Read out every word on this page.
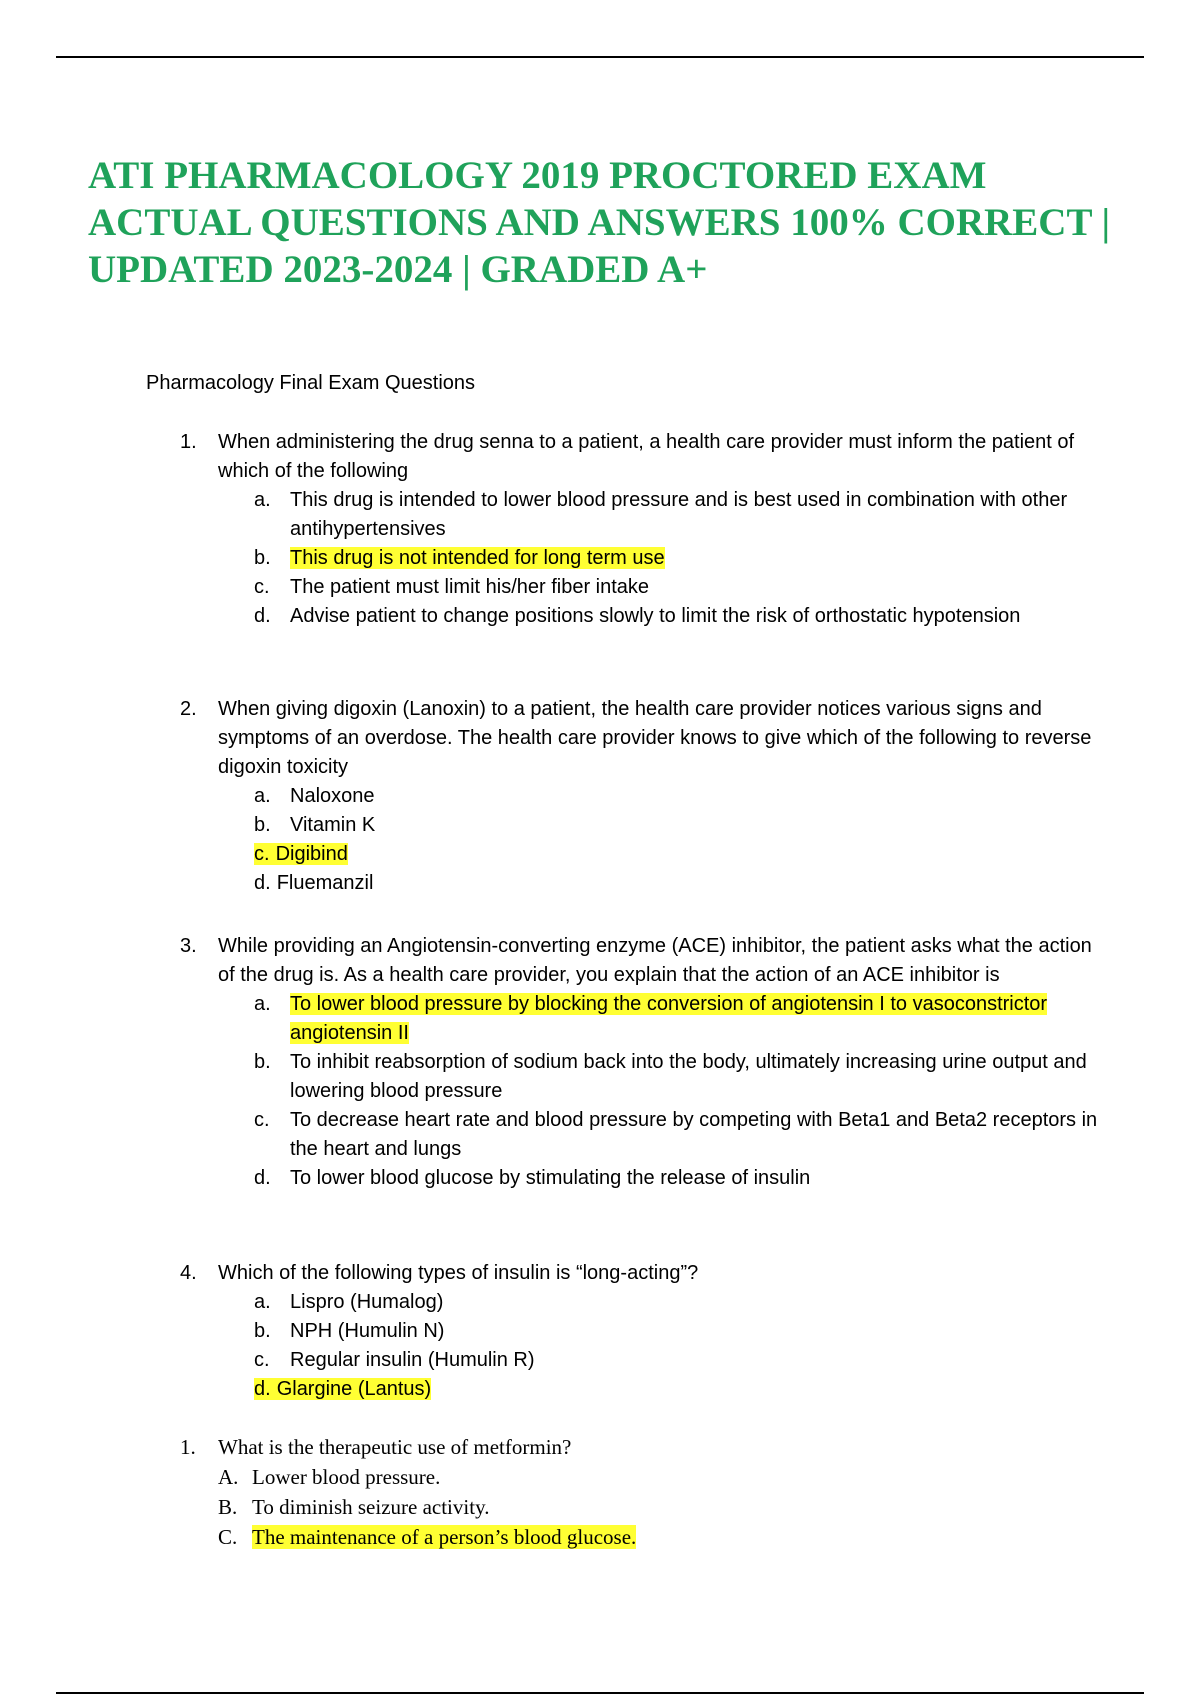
ATI PHARMACOLOGY 2019 PROCTORED EXAM ACTUAL QUESTIONS AND ANSWERS 100% CORRECT | UPDATED 2023-2024 | GRADED A+

Pharmacology Final Exam Questions

1. When administering the drug senna to a patient, a health care provider must inform the patient of which of the following
a. This drug is intended to lower blood pressure and is best used in combination with other antihypertensives
b. This drug is not intended for long term use
c. The patient must limit his/her fiber intake
d. Advise patient to change positions slowly to limit the risk of orthostatic hypotension
2. When giving digoxin (Lanoxin) to a patient, the health care provider notices various signs and symptoms of an overdose. The health care provider knows to give which of the following to reverse digoxin toxicity
a. Naloxone
b. Vitamin K
c. Digibind
d. Fluemanzil
3. While providing an Angiotensin-converting enzyme (ACE) inhibitor, the patient asks what the action of the drug is. As a health care provider, you explain that the action of an ACE inhibitor is
a. To lower blood pressure by blocking the conversion of angiotensin I to vasoconstrictor angiotensin II
b. To inhibit reabsorption of sodium back into the body, ultimately increasing urine output and lowering blood pressure
c. To decrease heart rate and blood pressure by competing with Beta1 and Beta2 receptors in the heart and lungs
d. To lower blood glucose by stimulating the release of insulin
4. Which of the following types of insulin is “long-acting”?
a. Lispro (Humalog)
b. NPH (Humulin N)
c. Regular insulin (Humulin R)
d. Glargine (Lantus)
1. What is the therapeutic use of metformin?
A. Lower blood pressure.
B. To diminish seizure activity.
C. The maintenance of a person’s blood glucose.
